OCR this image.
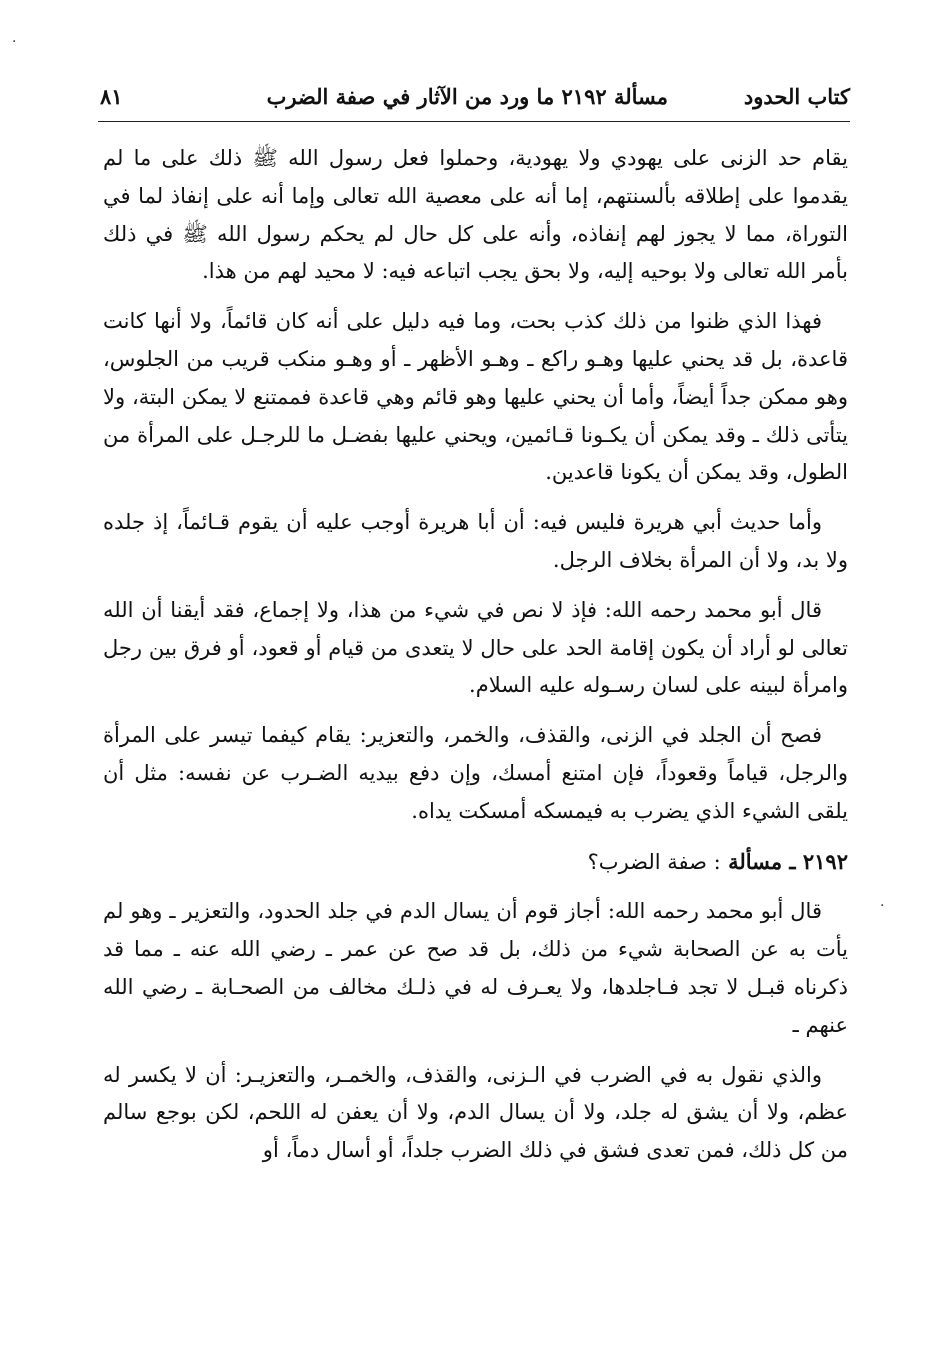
كتاب الحدود
مسألة ٢١٩٢ ما ورد من الآثار في صفة الضرب
٨١

يقام حد الزنى على يهودي ولا يهودية، وحملوا فعل رسول الله ﷺ ذلك على ما لم يقدموا على إطلاقه بألسنتهم، إما أنه على معصية الله تعالى وإما أنه على إنفاذ لما في التوراة، مما لا يجوز لهم إنفاذه، وأنه على كل حال لم يحكم رسول الله ﷺ في ذلك بأمر الله تعالى ولا بوحيه إليه، ولا بحق يجب اتباعه فيه: لا محيد لهم من هذا.

فهذا الذي ظنوا من ذلك كذب بحت، وما فيه دليل على أنه كان قائماً، ولا أنها كانت قاعدة، بل قد يحني عليها وهـو راكع ـ وهـو الأظهر ـ أو وهـو منكب قريب من الجلوس، وهو ممكن جداً أيضاً، وأما أن يحني عليها وهو قائم وهي قاعدة فممتنع لا يمكن البتة، ولا يتأتى ذلك ـ وقد يمكن أن يكـونا قـائمين، ويحني عليها بفضـل ما للرجـل على المرأة من الطول، وقد يمكن أن يكونا قاعدين.

وأما حديث أبي هريرة فليس فيه: أن أبا هريرة أوجب عليه أن يقوم قـائماً، إذ جلده ولا بد، ولا أن المرأة بخلاف الرجل.

قال أبو محمد رحمه الله: فإذ لا نص في شيء من هذا، ولا إجماع، فقد أيقنا أن الله تعالى لو أراد أن يكون إقامة الحد على حال لا يتعدى من قيام أو قعود، أو فرق بين رجل وامرأة لبينه على لسان رسـوله عليه السلام.

فصح أن الجلد في الزنى، والقذف، والخمر، والتعزير: يقام كيفما تيسر على المرأة والرجل، قياماً وقعوداً، فإن امتنع أمسك، وإن دفع بيديه الضـرب عن نفسه: مثل أن يلقى الشيء الذي يضرب به فيمسكه أمسكت يداه.

٢١٩٢ ـ مسألة : صفة الضرب؟

قال أبو محمد رحمه الله: أجاز قوم أن يسال الدم في جلد الحدود، والتعزير ـ وهو لم يأت به عن الصحابة شيء من ذلك، بل قد صح عن عمر ـ رضي الله عنه ـ مما قد ذكرناه قبـل لا تجد فـاجلدها، ولا يعـرف له في ذلـك مخالف من الصحـابة ـ رضي الله عنهم ـ

والذي نقول به في الضرب في الـزنى، والقذف، والخمـر، والتعزيـر: أن لا يكسر له عظم، ولا أن يشق له جلد، ولا أن يسال الدم، ولا أن يعفن له اللحم، لكن بوجع سالم من كل ذلك، فمن تعدى فشق في ذلك الضرب جلداً، أو أسال دماً، أو

·
·
